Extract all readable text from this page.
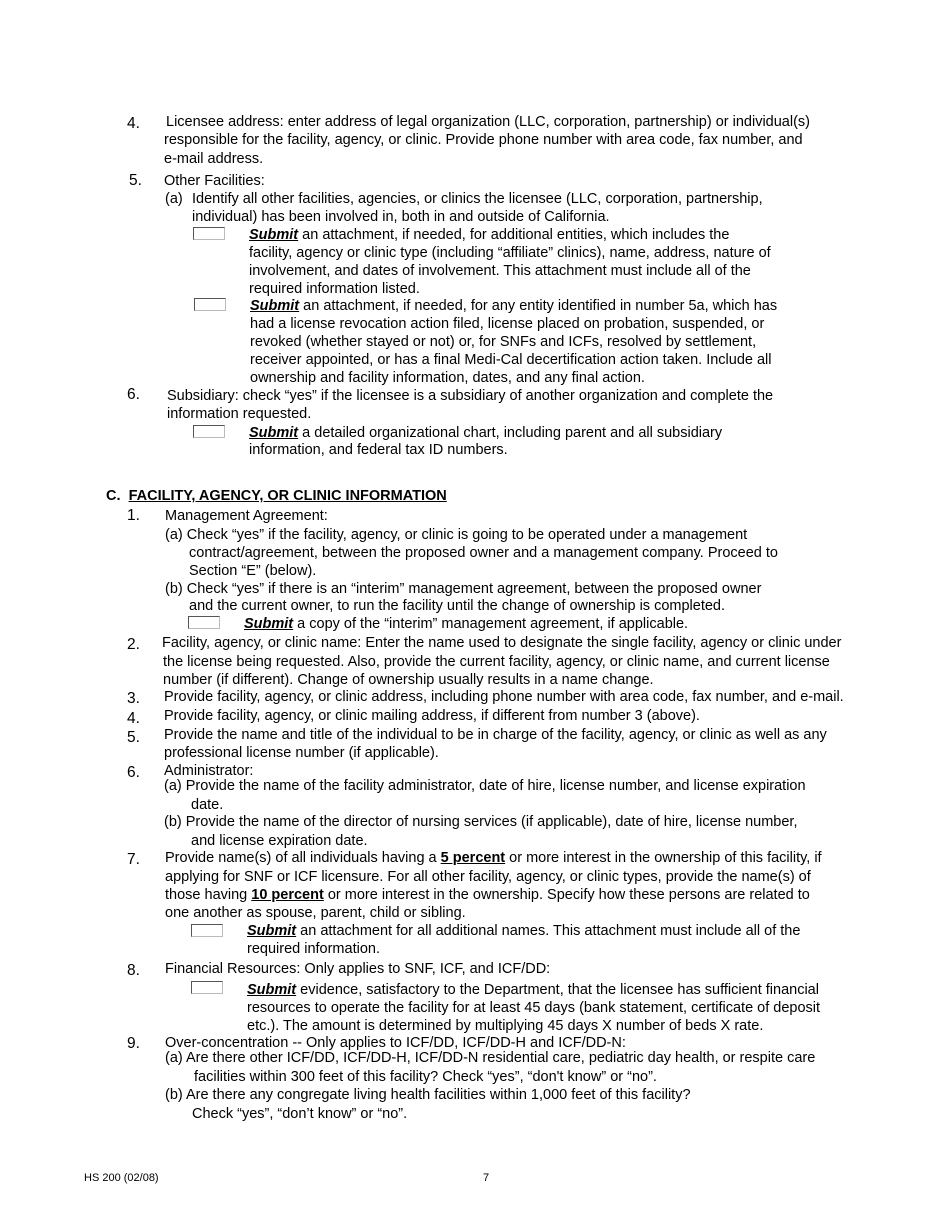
4. Licensee address: enter address of legal organization (LLC, corporation, partnership) or individual(s)
responsible for the facility, agency, or clinic. Provide phone number with area code, fax number, and
e-mail address.
5. Other Facilities:
(a) Identify all other facilities, agencies, or clinics the licensee (LLC, corporation, partnership,
individual) has been involved in, both in and outside of California.
Submit an attachment, if needed, for additional entities, which includes the
facility, agency or clinic type (including “affiliate” clinics), name, address, nature of
involvement, and dates of involvement. This attachment must include all of the
required information listed.
Submit an attachment, if needed, for any entity identified in number 5a, which has
had a license revocation action filed, license placed on probation, suspended, or
revoked (whether stayed or not) or, for SNFs and ICFs, resolved by settlement,
receiver appointed, or has a final Medi-Cal decertification action taken. Include all
ownership and facility information, dates, and any final action.
6. Subsidiary: check “yes” if the licensee is a subsidiary of another organization and complete the
information requested.
Submit a detailed organizational chart, including parent and all subsidiary
information, and federal tax ID numbers.
C. FACILITY, AGENCY, OR CLINIC INFORMATION
1. Management Agreement:
(a) Check “yes” if the facility, agency, or clinic is going to be operated under a management
contract/agreement, between the proposed owner and a management company. Proceed to
Section “E” (below).
(b) Check “yes” if there is an “interim” management agreement, between the proposed owner
and the current owner, to run the facility until the change of ownership is completed.
Submit a copy of the “interim” management agreement, if applicable.
2. Facility, agency, or clinic name: Enter the name used to designate the single facility, agency or clinic under
the license being requested. Also, provide the current facility, agency, or clinic name, and current license
number (if different). Change of ownership usually results in a name change.
3. Provide facility, agency, or clinic address, including phone number with area code, fax number, and e-mail.
4. Provide facility, agency, or clinic mailing address, if different from number 3 (above).
5. Provide the name and title of the individual to be in charge of the facility, agency, or clinic as well as any
professional license number (if applicable).
6. Administrator:
(a) Provide the name of the facility administrator, date of hire, license number, and license expiration
date.
(b) Provide the name of the director of nursing services (if applicable), date of hire, license number,
and license expiration date.
7. Provide name(s) of all individuals having a 5 percent or more interest in the ownership of this facility, if
applying for SNF or ICF licensure. For all other facility, agency, or clinic types, provide the name(s) of
those having 10 percent or more interest in the ownership. Specify how these persons are related to
one another as spouse, parent, child or sibling.
Submit an attachment for all additional names. This attachment must include all of the
required information.
8. Financial Resources: Only applies to SNF, ICF, and ICF/DD:
Submit evidence, satisfactory to the Department, that the licensee has sufficient financial
resources to operate the facility for at least 45 days (bank statement, certificate of deposit
etc.). The amount is determined by multiplying 45 days X number of beds X rate.
9. Over-concentration -- Only applies to ICF/DD, ICF/DD-H and ICF/DD-N:
(a) Are there other ICF/DD, ICF/DD-H, ICF/DD-N residential care, pediatric day health, or respite care
facilities within 300 feet of this facility? Check “yes”, “don't know” or “no”.
(b) Are there any congregate living health facilities within 1,000 feet of this facility?
Check “yes”, “don’t know” or “no”.
HS 200 (02/08)	7
